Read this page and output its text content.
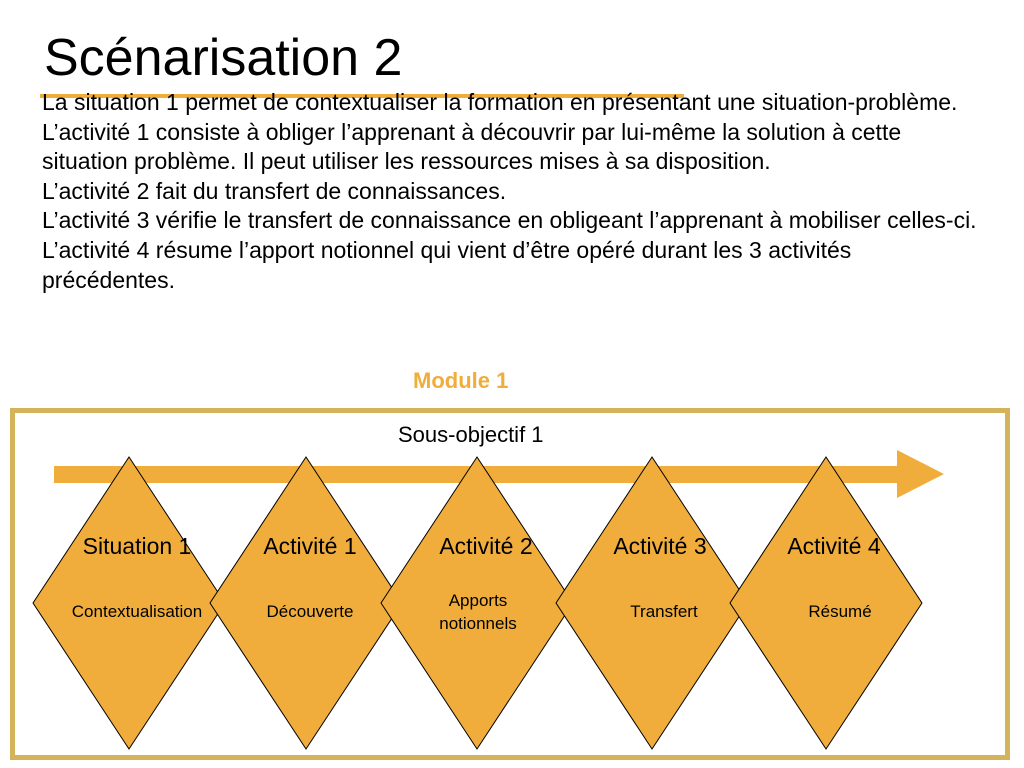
Scénarisation 2

La situation 1 permet de contextualiser la formation en présentant une situation-problème.

L’activité 1 consiste à obliger l’apprenant à découvrir par lui-même la solution à cette situation problème. Il peut utiliser les ressources mises à sa disposition.

L’activité 2 fait du transfert de connaissances.

L’activité 3 vérifie le transfert de connaissance en obligeant l’apprenant à mobiliser celles-ci.

L’activité 4 résume l’apport notionnel qui vient d’être opéré durant les 3 activités précédentes.

Module 1
Sous-objectif 1
Situation 1
Contextualisation
Activité 1
Découverte
Activité 2
Apports notionnels
Activité 3
Transfert
Activité 4
Résumé
